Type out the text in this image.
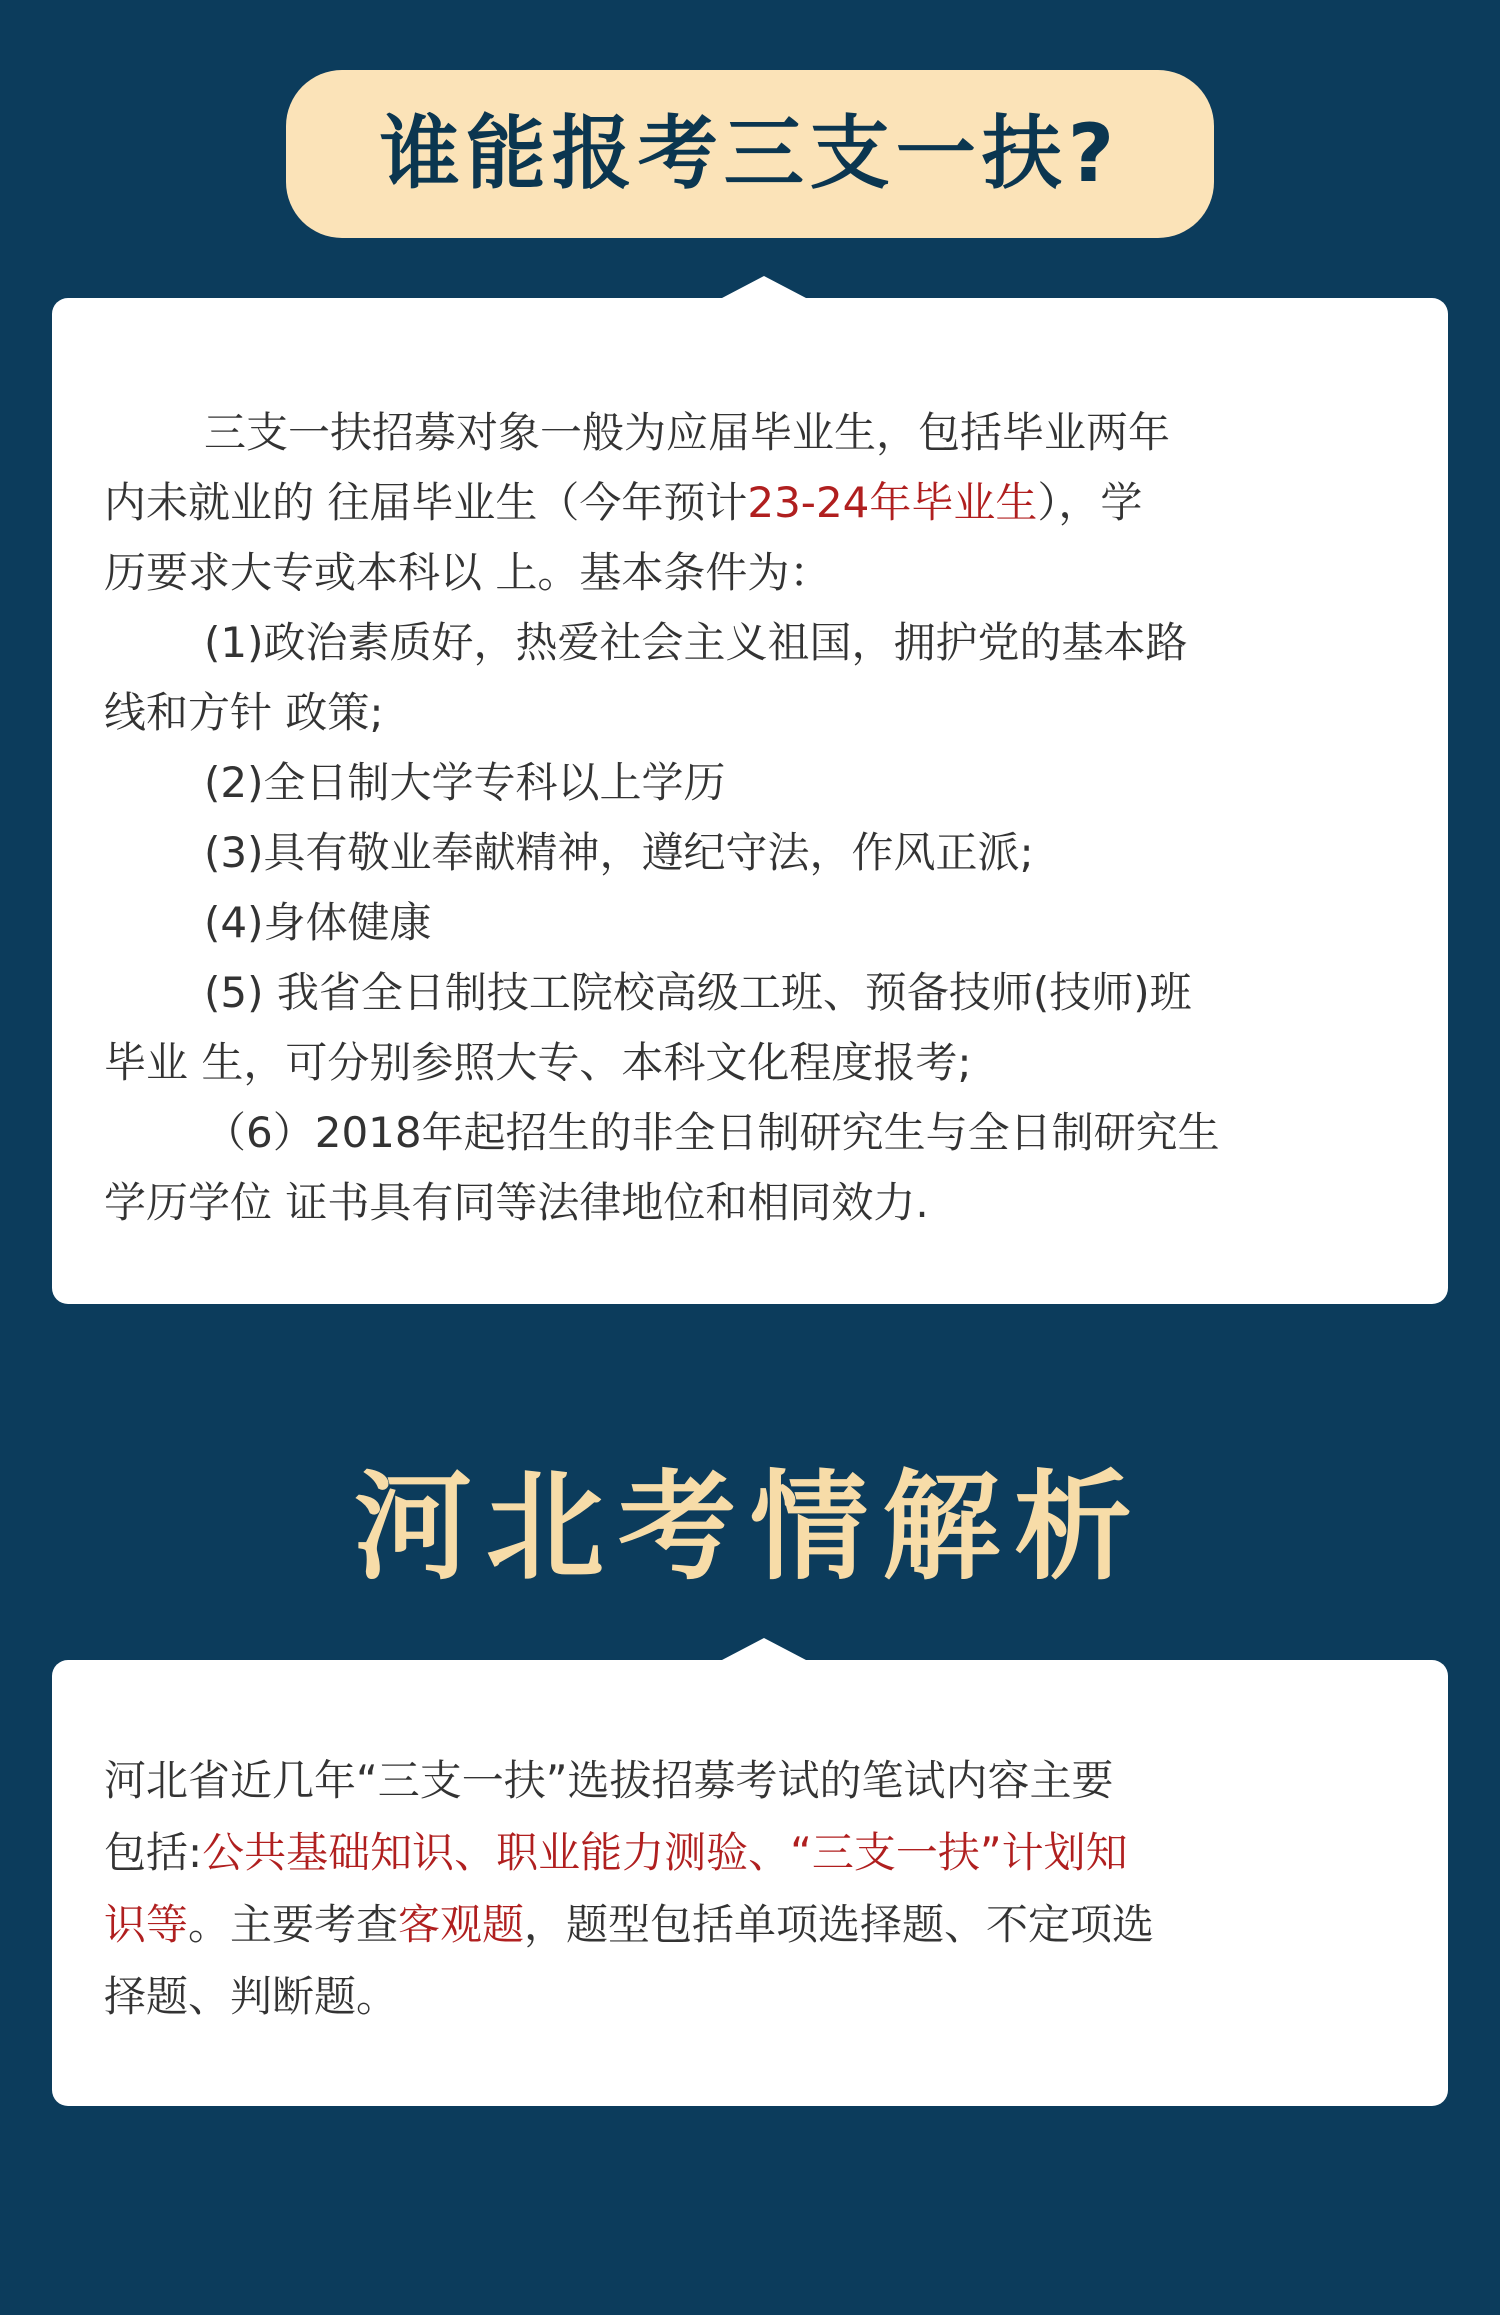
谁能报考三支一扶?
三支一扶招募对象一般为应届毕业生，包括毕业两年
内未就业的 往届毕业生（今年预计23-24年毕业生），学
历要求大专或本科以 上。基本条件为：
(1)政治素质好，热爱社会主义祖国，拥护党的基本路
线和方针 政策;
(2)全日制大学专科以上学历
(3)具有敬业奉献精神，遵纪守法，作风正派;
(4)身体健康
(5) 我省全日制技工院校高级工班、预备技师(技师)班
毕业 生，可分别参照大专、本科文化程度报考;
（6）2018年起招生的非全日制研究生与全日制研究生
学历学位 证书具有同等法律地位和相同效力.
河北考情解析
河北省近几年“三支一扶”选拔招募考试的笔试内容主要
包括:公共基础知识、职业能力测验、“三支一扶”计划知
识等。主要考查客观题，题型包括单项选择题、不定项选
择题、判断题。
